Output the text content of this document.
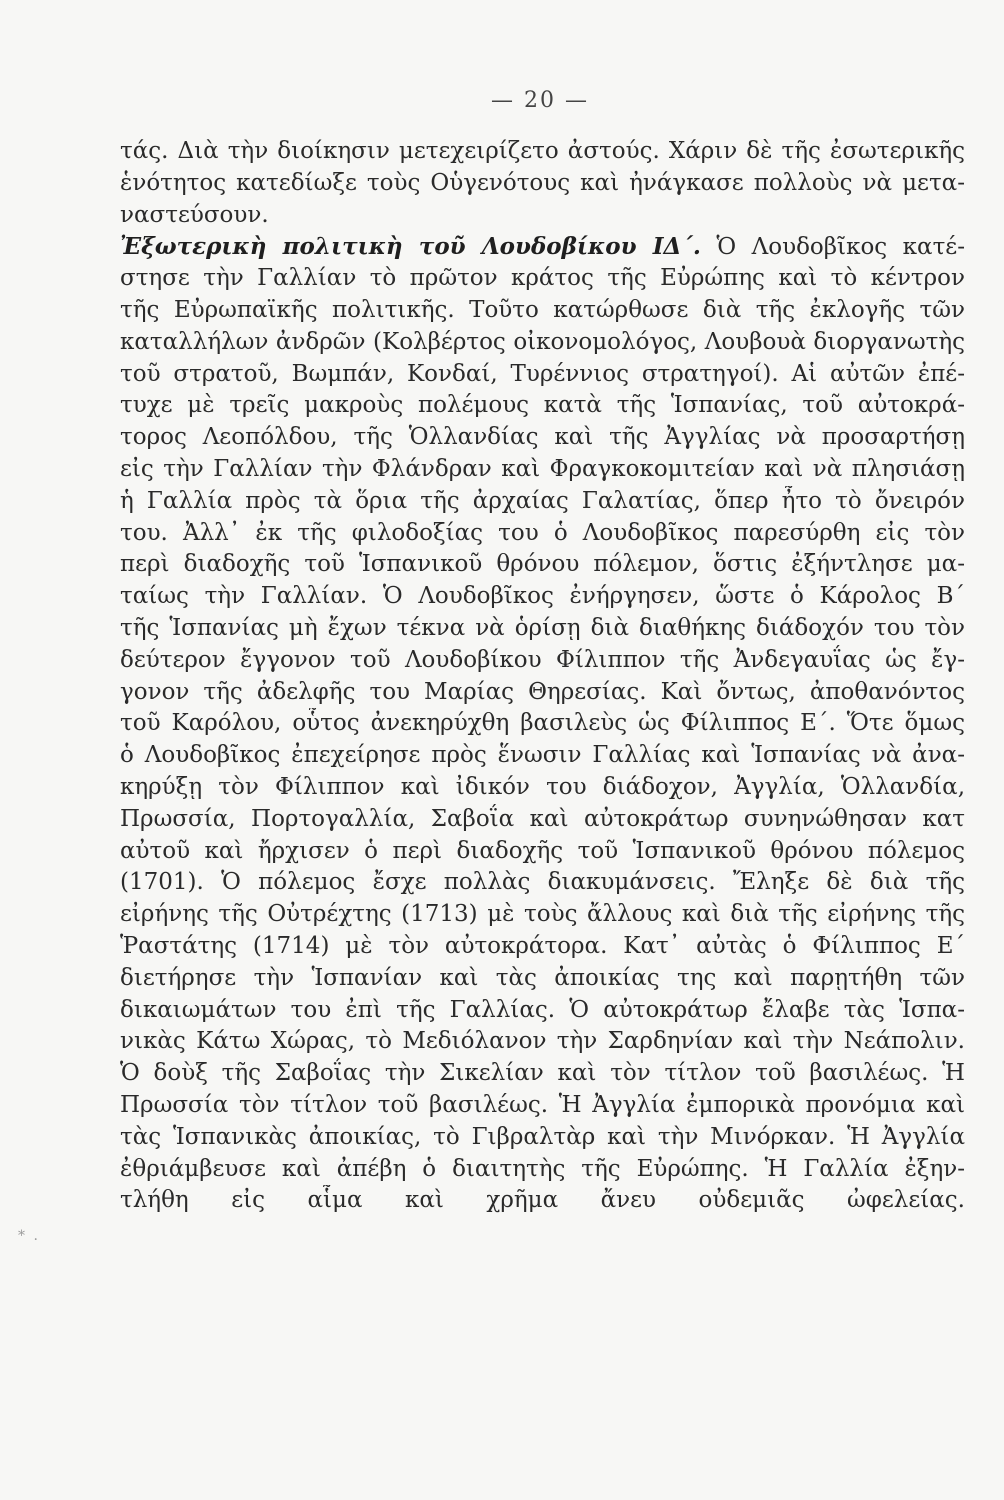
— 20 —
τάς. Διὰ τὴν διοίκησιν μετεχειρίζετο ἀστούς. Χάριν δὲ τῆς ἐσωτερικῆς
ἑνότητος κατεδίωξε τοὺς Οὑγενότους καὶ ἠνάγκασε πολλοὺς νὰ μετα-
ναστεύσουν.
Ἐξωτερικὴ πολιτικὴ τοῦ Λουδοβίκου ΙΔ΄. Ὁ Λουδοβῖκος κατέ-
στησε τὴν Γαλλίαν τὸ πρῶτον κράτος τῆς Εὐρώπης καὶ τὸ κέντρον
τῆς Εὐρωπαϊκῆς πολιτικῆς. Τοῦτο κατώρθωσε διὰ τῆς ἐκλογῆς τῶν
καταλλήλων ἀνδρῶν (Κολβέρτος οἰκονομολόγος, Λουβουὰ διοργανωτὴς
τοῦ στρατοῦ, Βωμπάν, Κονδαί, Τυρέννιος στρατηγοί). Αἱ αὐτῶν ἐπέ-
τυχε μὲ τρεῖς μακροὺς πολέμους κατὰ τῆς Ἱσπανίας, τοῦ αὐτοκρά-
τορος Λεοπόλδου, τῆς Ὁλλανδίας καὶ τῆς Ἀγγλίας νὰ προσαρτήσῃ
εἰς τὴν Γαλλίαν τὴν Φλάνδραν καὶ Φραγκοκομιτείαν καὶ νὰ πλησιάσῃ
ἡ Γαλλία πρὸς τὰ ὅρια τῆς ἀρχαίας Γαλατίας, ὅπερ ἦτο τὸ ὄνειρόν
του. Ἀλλ᾿ ἐκ τῆς φιλοδοξίας του ὁ Λουδοβῖκος παρεσύρθη εἰς τὸν
περὶ διαδοχῆς τοῦ Ἱσπανικοῦ θρόνου πόλεμον, ὅστις ἐξήντλησε μα-
ταίως τὴν Γαλλίαν. Ὁ Λουδοβῖκος ἐνήργησεν, ὥστε ὁ Κάρολος Β΄
τῆς Ἱσπανίας μὴ ἔχων τέκνα νὰ ὁρίσῃ διὰ διαθήκης διάδοχόν του τὸν
δεύτερον ἔγγονον τοῦ Λουδοβίκου Φίλιππον τῆς Ἀνδεγαυΐας ὡς ἔγ-
γονον τῆς ἀδελφῆς του Μαρίας Θηρεσίας. Καὶ ὄντως, ἀποθανόντος
τοῦ Καρόλου, οὗτος ἀνεκηρύχθη βασιλεὺς ὡς Φίλιππος Ε΄. Ὅτε ὅμως
ὁ Λουδοβῖκος ἐπεχείρησε πρὸς ἕνωσιν Γαλλίας καὶ Ἱσπανίας νὰ ἀνα-
κηρύξῃ τὸν Φίλιππον καὶ ἰδικόν του διάδοχον, Ἀγγλία, Ὁλλανδία,
Πρωσσία, Πορτογαλλία, Σαβοΐα καὶ αὐτοκράτωρ συνηνώθησαν κατ
αὐτοῦ καὶ ἤρχισεν ὁ περὶ διαδοχῆς τοῦ Ἱσπανικοῦ θρόνου πόλεμος
(1701). Ὁ πόλεμος ἔσχε πολλὰς διακυμάνσεις. Ἔληξε δὲ διὰ τῆς
εἰρήνης τῆς Οὐτρέχτης (1713) μὲ τοὺς ἄλλους καὶ διὰ τῆς εἰρήνης τῆς
Ῥαστάτης (1714) μὲ τὸν αὐτοκράτορα. Κατ᾿ αὐτὰς ὁ Φίλιππος Ε΄
διετήρησε τὴν Ἱσπανίαν καὶ τὰς ἀποικίας της καὶ παρῃτήθη τῶν
δικαιωμάτων του ἐπὶ τῆς Γαλλίας. Ὁ αὐτοκράτωρ ἔλαβε τὰς Ἱσπα-
νικὰς Κάτω Χώρας, τὸ Μεδιόλανον τὴν Σαρδηνίαν καὶ τὴν Νεάπολιν.
Ὁ δοὺξ τῆς Σαβοΐας τὴν Σικελίαν καὶ τὸν τίτλον τοῦ βασιλέως. Ἡ
Πρωσσία τὸν τίτλον τοῦ βασιλέως. Ἡ Ἀγγλία ἐμπορικὰ προνόμια καὶ
τὰς Ἱσπανικὰς ἀποικίας, τὸ Γιβραλτὰρ καὶ τὴν Μινόρκαν. Ἡ Ἀγγλία
ἐθριάμβευσε καὶ ἀπέβη ὁ διαιτητὴς τῆς Εὐρώπης. Ἡ Γαλλία ἐξην-
τλήθη εἰς αἷμα καὶ χρῆμα ἄνευ οὐδεμιᾶς ὠφελείας.
* .
